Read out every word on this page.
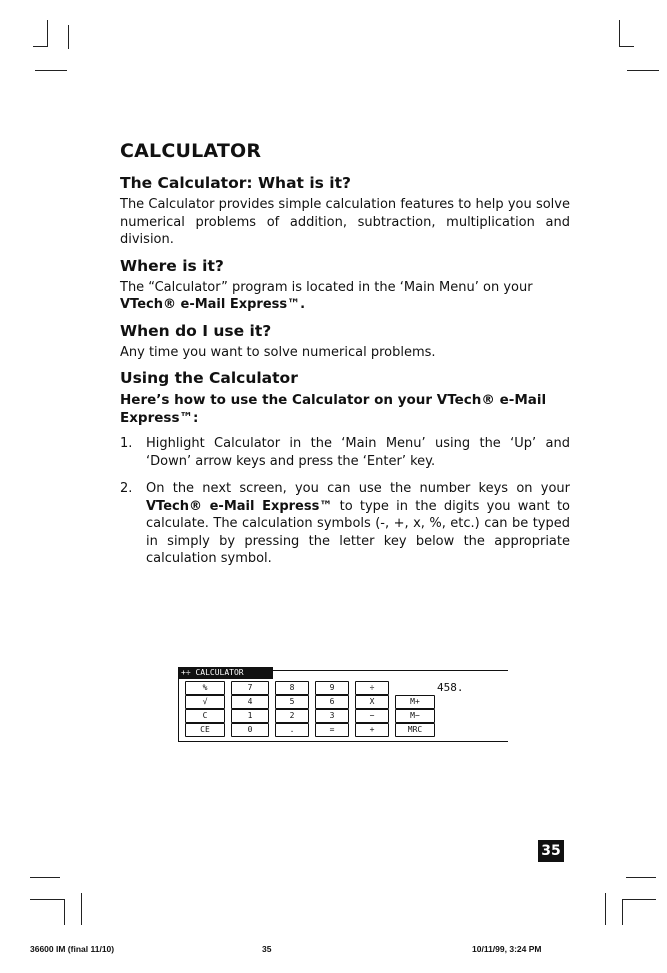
CALCULATOR
The Calculator: What is it?

The Calculator provides simple calculation features to help you solve numerical problems of addition, subtraction, multiplication and division.

Where is it?

The “Calculator” program is located in the ‘Main Menu’ on your VTech® e-Mail Express™.

When do I use it?

Any time you want to solve numerical problems.

Using the Calculator
Here’s how to use the Calculator on your VTech® e-Mail Express™:
1. Highlight Calculator in the ‘Main Menu’ using the ‘Up’ and ‘Down’ arrow keys and press the ‘Enter’ key.
2. On the next screen, you can use the number keys on your VTech® e-Mail Express™ to type in the digits you want to calculate. The calculation symbols (-, +, x, %, etc.) can be typed in simply by pressing the letter key below the appropriate calculation symbol.
+÷ CALCULATOR
458.
%	7	8	9	÷
√	4	5	6	X	M+
C	1	2	3	−	M−
CE	0	.	=	+	MRC
35
36600 IM (final 11/10)	35	10/11/99, 3:24 PM
